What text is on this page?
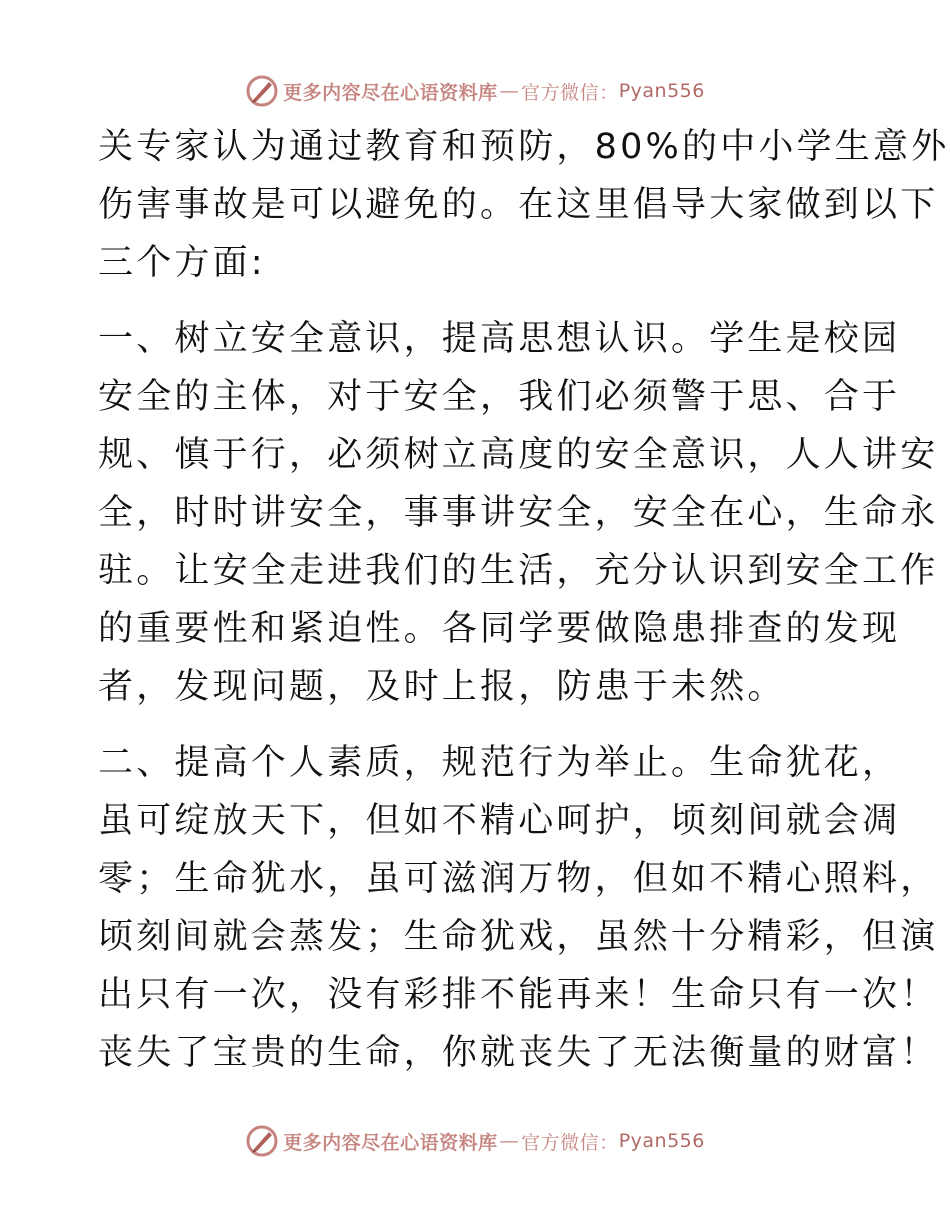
更多内容尽在心语资料库 — 官方微信： Pyan556

关专家认为通过教育和预防，80%的中小学生意外
伤害事故是可以避免的。在这里倡导大家做到以下
三个方面:

一、树立安全意识，提高思想认识。学生是校园
安全的主体，对于安全，我们必须警于思、合于
规、慎于行，必须树立高度的安全意识，人人讲安
全，时时讲安全，事事讲安全，安全在心，生命永
驻。让安全走进我们的生活，充分认识到安全工作
的重要性和紧迫性。各同学要做隐患排查的发现
者，发现问题，及时上报，防患于未然。

二、提高个人素质，规范行为举止。生命犹花，
虽可绽放天下，但如不精心呵护，顷刻间就会凋
零；生命犹水，虽可滋润万物，但如不精心照料，
顷刻间就会蒸发；生命犹戏，虽然十分精彩，但演
出只有一次，没有彩排不能再来！生命只有一次！
丧失了宝贵的生命，你就丧失了无法衡量的财富！

更多内容尽在心语资料库 — 官方微信： Pyan556
